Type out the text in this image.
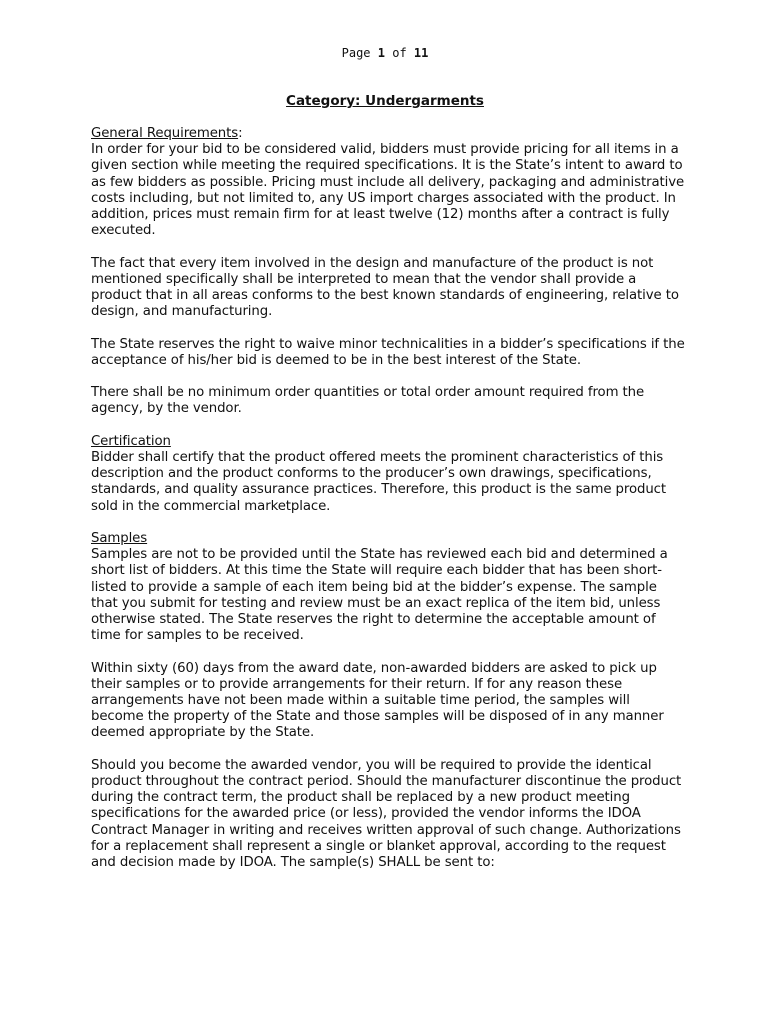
Page 1 of 11
Category: Undergarments
General Requirements:

In order for your bid to be considered valid, bidders must provide pricing for all items in a given section while meeting the required specifications. It is the State’s intent to award to as few bidders as possible. Pricing must include all delivery, packaging and administrative costs including, but not limited to, any US import charges associated with the product. In addition, prices must remain firm for at least twelve (12) months after a contract is fully executed.

The fact that every item involved in the design and manufacture of the product is not mentioned specifically shall be interpreted to mean that the vendor shall provide a product that in all areas conforms to the best known standards of engineering, relative to design, and manufacturing.

The State reserves the right to waive minor technicalities in a bidder’s specifications if the acceptance of his/her bid is deemed to be in the best interest of the State.

There shall be no minimum order quantities or total order amount required from the agency, by the vendor.

Certification

Bidder shall certify that the product offered meets the prominent characteristics of this description and the product conforms to the producer’s own drawings, specifications, standards, and quality assurance practices. Therefore, this product is the same product sold in the commercial marketplace.

Samples

Samples are not to be provided until the State has reviewed each bid and determined a short list of bidders. At this time the State will require each bidder that has been short-listed to provide a sample of each item being bid at the bidder’s expense. The sample that you submit for testing and review must be an exact replica of the item bid, unless otherwise stated. The State reserves the right to determine the acceptable amount of time for samples to be received.

Within sixty (60) days from the award date, non-awarded bidders are asked to pick up their samples or to provide arrangements for their return. If for any reason these arrangements have not been made within a suitable time period, the samples will become the property of the State and those samples will be disposed of in any manner deemed appropriate by the State.

Should you become the awarded vendor, you will be required to provide the identical product throughout the contract period. Should the manufacturer discontinue the product during the contract term, the product shall be replaced by a new product meeting specifications for the awarded price (or less), provided the vendor informs the IDOA Contract Manager in writing and receives written approval of such change. Authorizations for a replacement shall represent a single or blanket approval, according to the request and decision made by IDOA. The sample(s) SHALL be sent to:
